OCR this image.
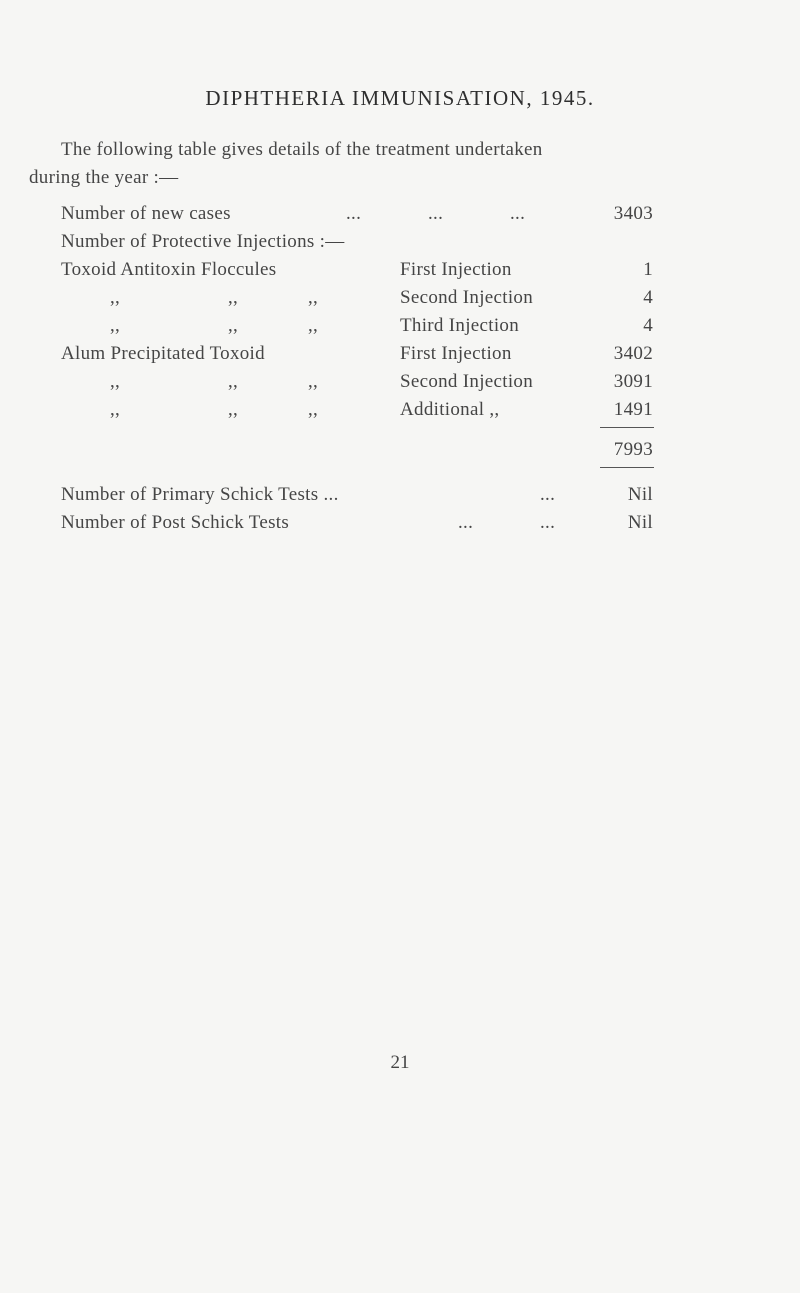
DIPHTHERIA IMMUNISATION, 1945.
The following table gives details of the treatment undertaken
during the year :—
Number of new cases	...	...	...	3403
Number of Protective Injections :—
Toxoid Antitoxin Floccules	First Injection	1
,,	,,	,,	Second Injection	4
,,	,,	,,	Third Injection	4
Alum Precipitated Toxoid	First Injection	3402
,,	,,	,,	Second Injection	3091
,,	,,	,,	Additional ,,	1491
7993
Number of Primary Schick Tests ...	...	Nil
Number of Post Schick Tests	...	...	Nil
21
